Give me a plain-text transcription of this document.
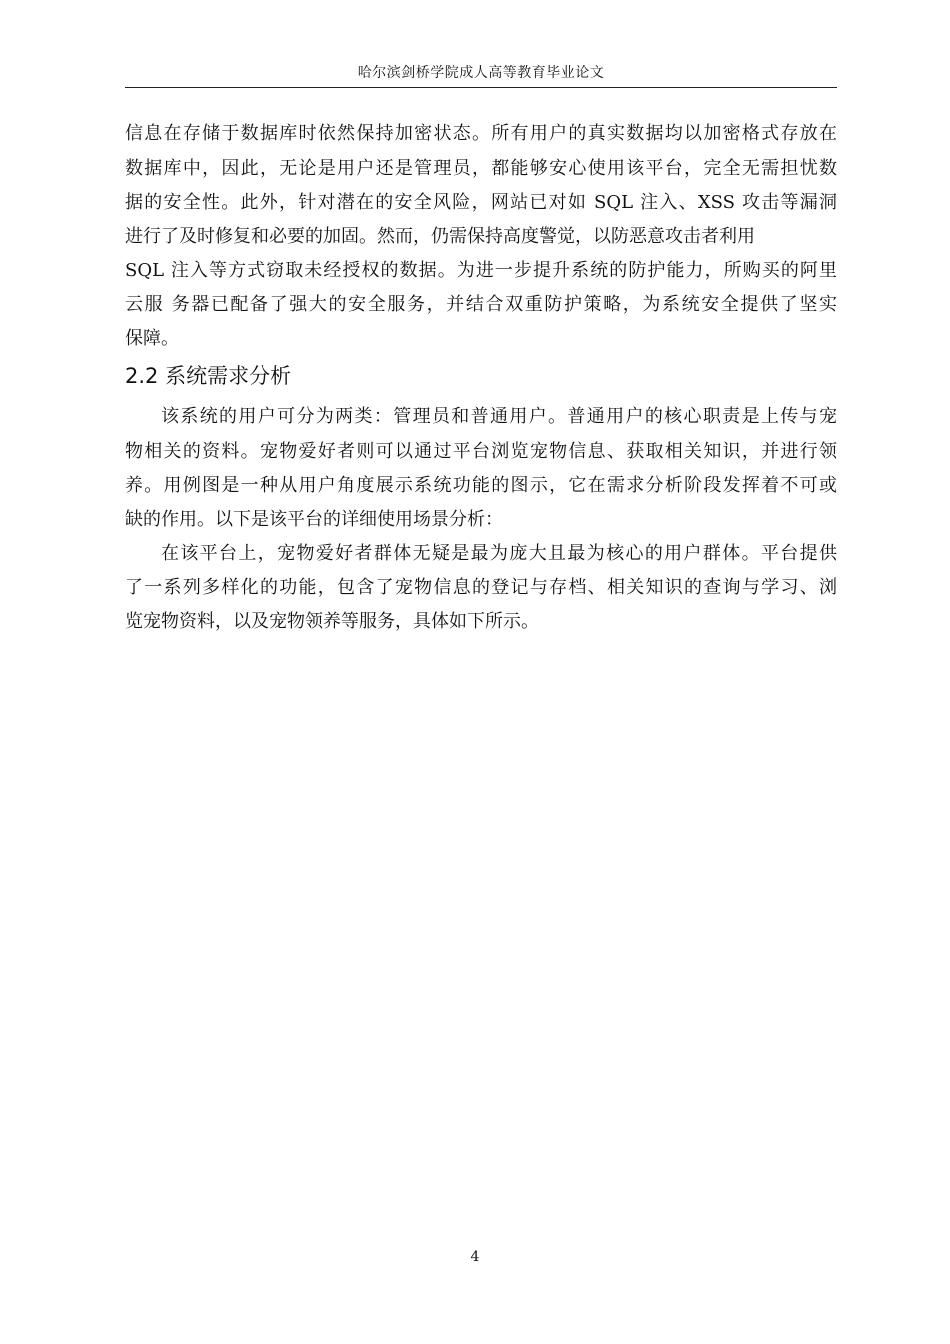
哈尔滨剑桥学院成人高等教育毕业论文
信息在存储于数据库时依然保持加密状态。所有用户的真实数据均以加密格式存放在
数据库中，因此，无论是用户还是管理员，都能够安心使用该平台，完全无需担忧数
据的安全性。此外，针对潜在的安全风险，网站已对如 SQL 注入、XSS 攻击等漏洞
进行了及时修复和必要的加固。然而，仍需保持高度警觉，以防恶意攻击者利用
SQL 注入等方式窃取未经授权的数据。为进一步提升系统的防护能力，所购买的阿里
云服 务器已配备了强大的安全服务，并结合双重防护策略，为系统安全提供了坚实
保障。
2.2 系统需求分析
该系统的用户可分为两类：管理员和普通用户。普通用户的核心职责是上传与宠
物相关的资料。宠物爱好者则可以通过平台浏览宠物信息、获取相关知识，并进行领
养。用例图是一种从用户角度展示系统功能的图示，它在需求分析阶段发挥着不可或
缺的作用。以下是该平台的详细使用场景分析：
在该平台上，宠物爱好者群体无疑是最为庞大且最为核心的用户群体。平台提供
了一系列多样化的功能，包含了宠物信息的登记与存档、相关知识的查询与学习、浏
览宠物资料，以及宠物领养等服务，具体如下所示。
4
